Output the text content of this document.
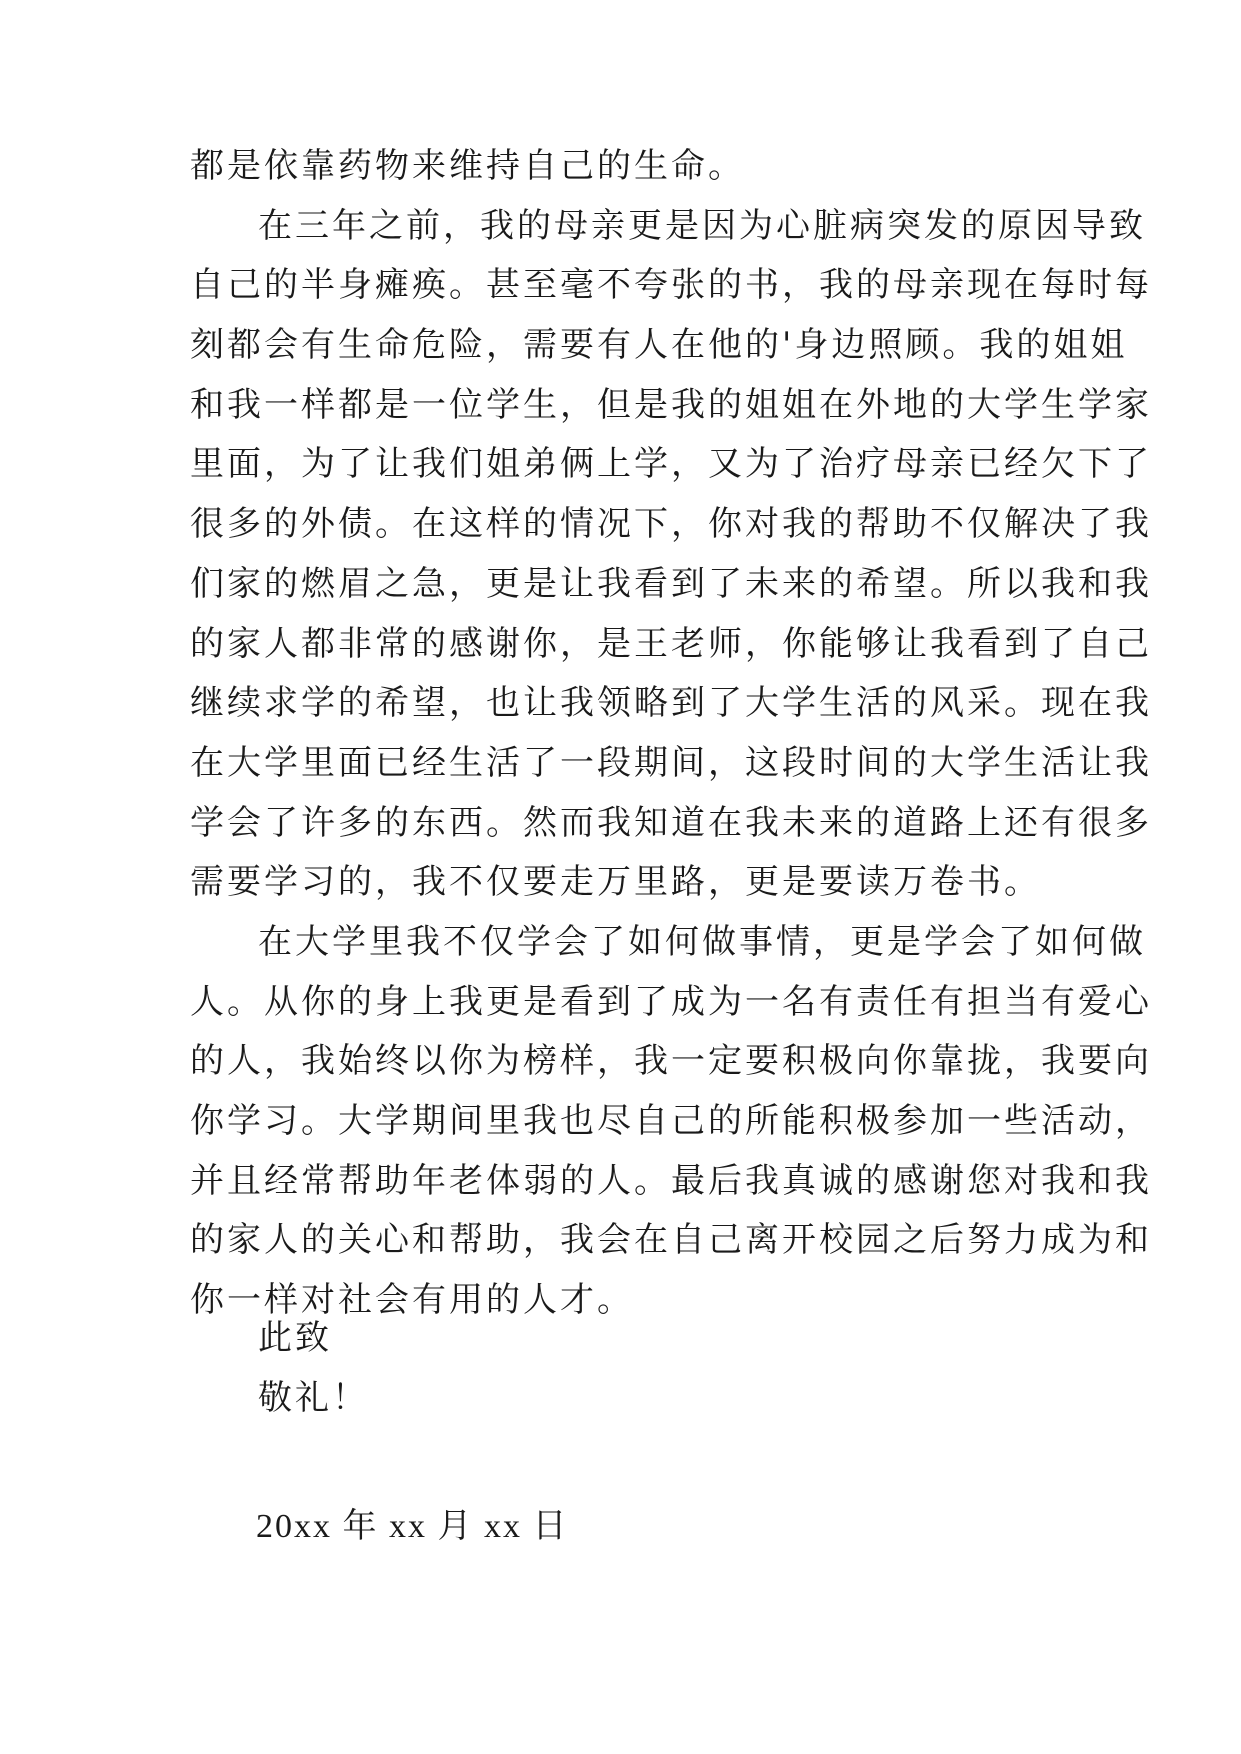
都是依靠药物来维持自己的生命。
在三年之前，我的母亲更是因为心脏病突发的原因导致
自己的半身瘫痪。甚至毫不夸张的书，我的母亲现在每时每
刻都会有生命危险，需要有人在他的'身边照顾。我的姐姐
和我一样都是一位学生，但是我的姐姐在外地的大学生学家
里面，为了让我们姐弟俩上学，又为了治疗母亲已经欠下了
很多的外债。在这样的情况下，你对我的帮助不仅解决了我
们家的燃眉之急，更是让我看到了未来的希望。所以我和我
的家人都非常的感谢你，是王老师，你能够让我看到了自己
继续求学的希望，也让我领略到了大学生活的风采。现在我
在大学里面已经生活了一段期间，这段时间的大学生活让我
学会了许多的东西。然而我知道在我未来的道路上还有很多
需要学习的，我不仅要走万里路，更是要读万卷书。
在大学里我不仅学会了如何做事情，更是学会了如何做
人。从你的身上我更是看到了成为一名有责任有担当有爱心
的人，我始终以你为榜样，我一定要积极向你靠拢，我要向
你学习。大学期间里我也尽自己的所能积极参加一些活动，
并且经常帮助年老体弱的人。最后我真诚的感谢您对我和我
的家人的关心和帮助，我会在自己离开校园之后努力成为和
你一样对社会有用的人才。
此致
敬礼！
20xx 年 xx 月 xx 日
